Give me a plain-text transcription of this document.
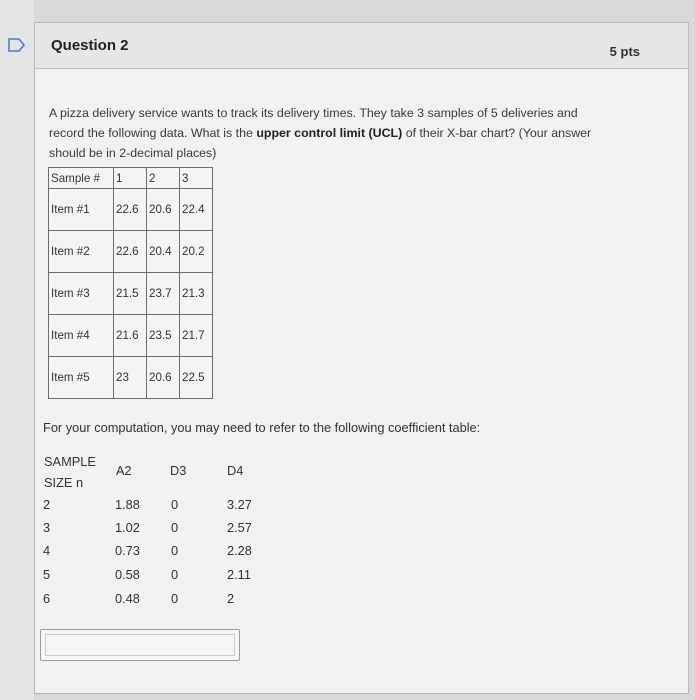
Question 2	5 pts
A pizza delivery service wants to track its delivery times. They take 3 samples of 5 deliveries and
record the following data. What is the upper control limit (UCL) of their X-bar chart? (Your answer
should be in 2-decimal places)
Sample #	1	2	3
Item #1	22.6	20.6	22.4
Item #2	22.6	20.4	20.2
Item #3	21.5	23.7	21.3
Item #4	21.6	23.5	21.7
Item #5	23	20.6	22.5
For your computation, you may need to refer to the following coefficient table:
SAMPLE
SIZE n
A2	D3	D4
2	1.88 0	3.27
3	1.02 0	2.57
4	0.73 0	2.28
5	0.58 0	2.11
6	0.48 0	2
